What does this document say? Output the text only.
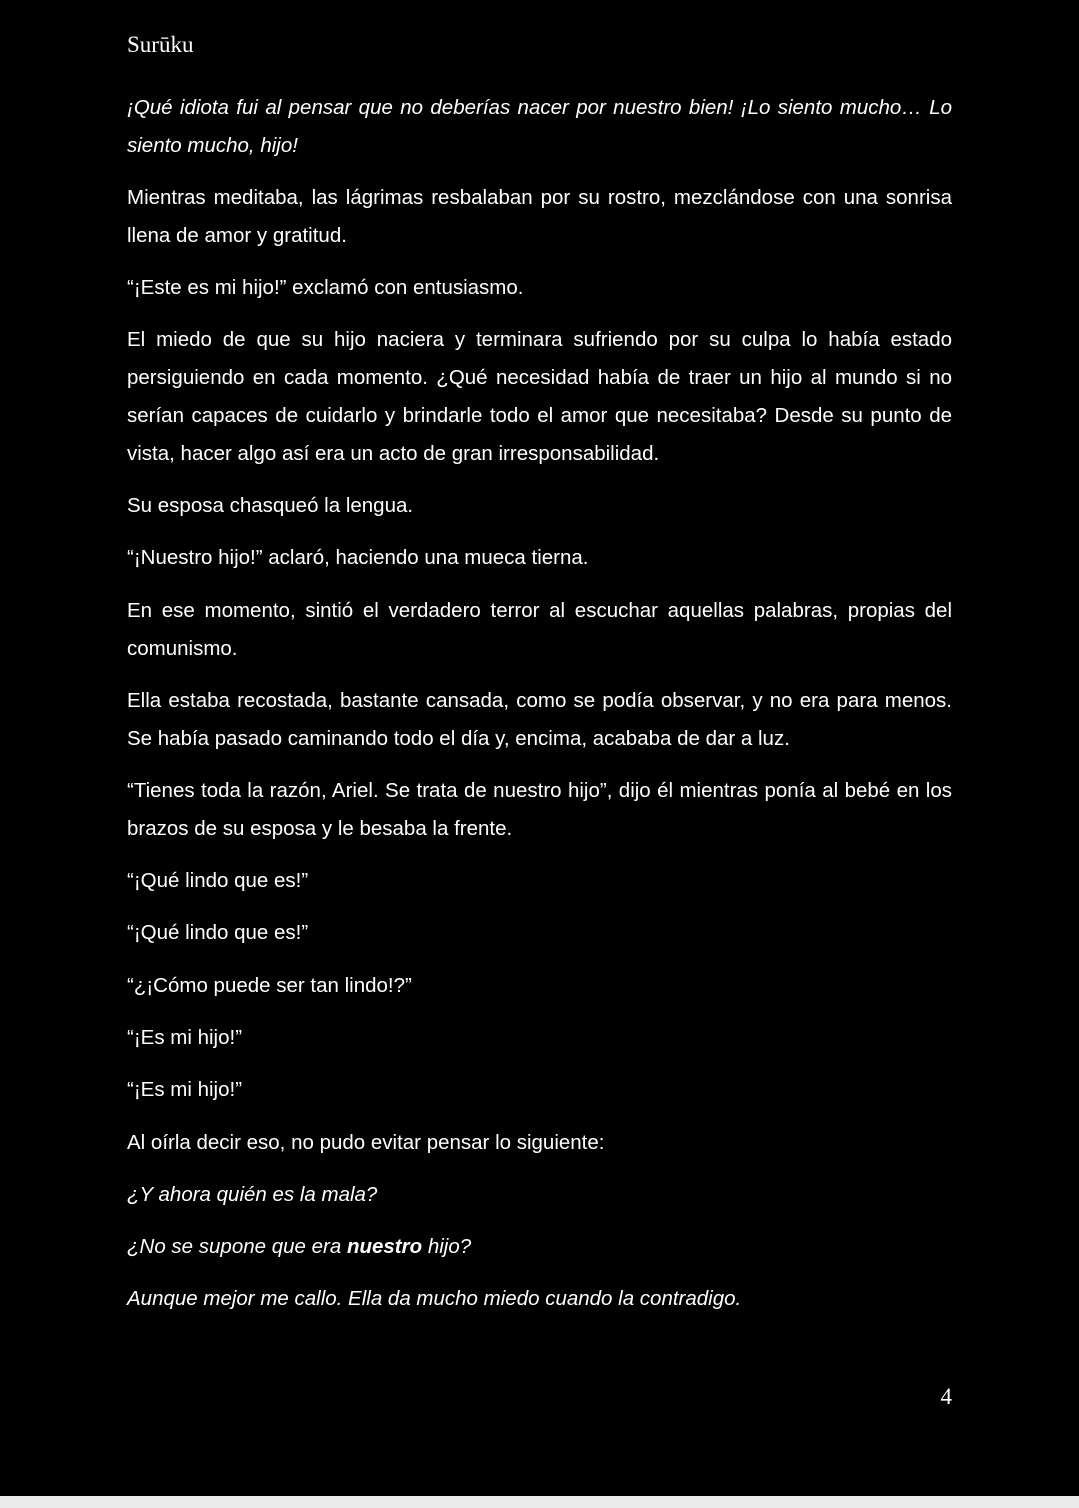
Surūku

¡Qué idiota fui al pensar que no deberías nacer por nuestro bien! ¡Lo siento mucho… Lo siento mucho, hijo!

Mientras meditaba, las lágrimas resbalaban por su rostro, mezclándose con una sonrisa llena de amor y gratitud.

“¡Este es mi hijo!” exclamó con entusiasmo.

El miedo de que su hijo naciera y terminara sufriendo por su culpa lo había estado persiguiendo en cada momento. ¿Qué necesidad había de traer un hijo al mundo si no serían capaces de cuidarlo y brindarle todo el amor que necesitaba? Desde su punto de vista, hacer algo así era un acto de gran irresponsabilidad.

Su esposa chasqueó la lengua.

“¡Nuestro hijo!” aclaró, haciendo una mueca tierna.

En ese momento, sintió el verdadero terror al escuchar aquellas palabras, propias del comunismo.

Ella estaba recostada, bastante cansada, como se podía observar, y no era para menos. Se había pasado caminando todo el día y, encima, acababa de dar a luz.

“Tienes toda la razón, Ariel. Se trata de nuestro hijo”, dijo él mientras ponía al bebé en los brazos de su esposa y le besaba la frente.

“¡Qué lindo que es!”

“¡Qué lindo que es!”

“¿¡Cómo puede ser tan lindo!?”

“¡Es mi hijo!”

“¡Es mi hijo!”

Al oírla decir eso, no pudo evitar pensar lo siguiente:

¿Y ahora quién es la mala?

¿No se supone que era nuestro hijo?

Aunque mejor me callo. Ella da mucho miedo cuando la contradigo.

4
